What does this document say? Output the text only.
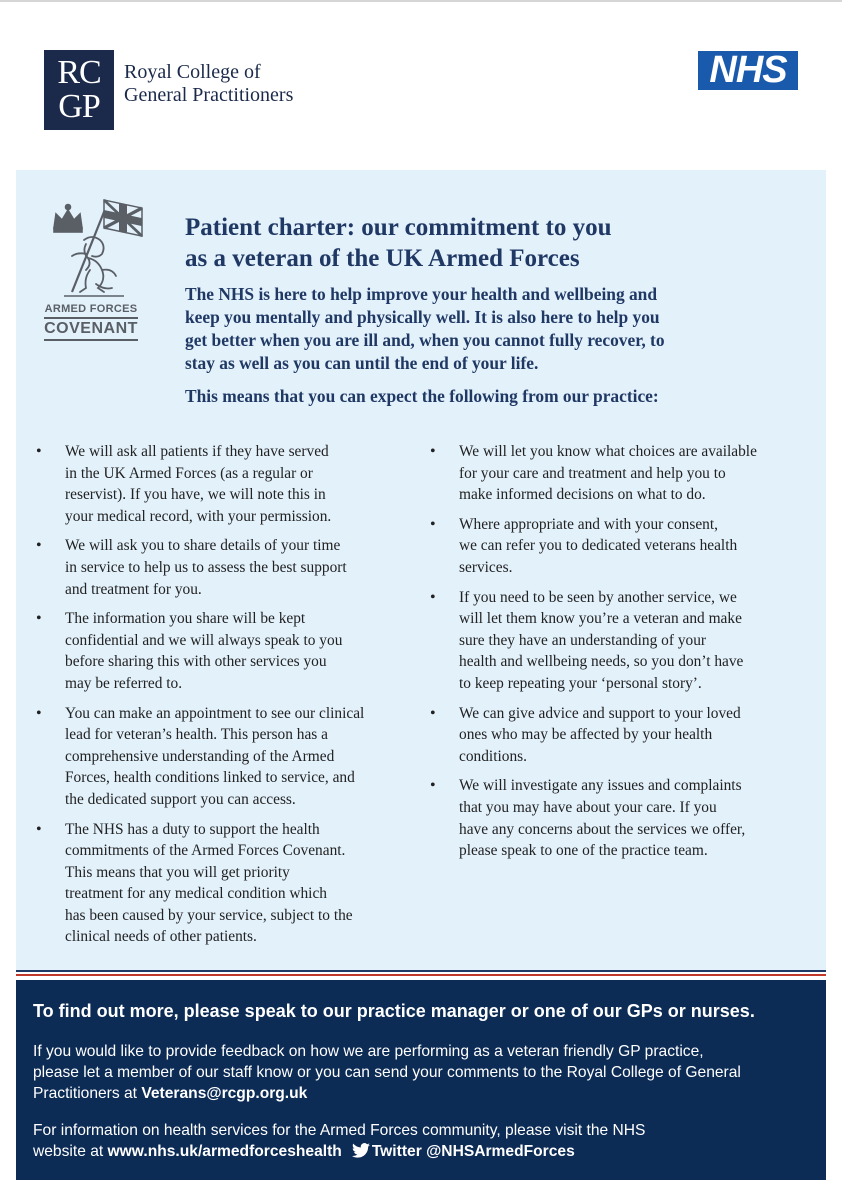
RC
GP
Royal College of
General Practitioners
NHS
ARMED FORCES
COVENANT
Patient charter: our commitment to you
as a veteran of the UK Armed Forces
The NHS is here to help improve your health and wellbeing and
keep you mentally and physically well. It is also here to help you
get better when you are ill and, when you cannot fully recover, to
stay as well as you can until the end of your life.
This means that you can expect the following from our practice:
• We will ask all patients if they have served
in the UK Armed Forces (as a regular or
reservist). If you have, we will note this in
your medical record, with your permission.
• We will ask you to share details of your time
in service to help us to assess the best support
and treatment for you.
• The information you share will be kept
confidential and we will always speak to you
before sharing this with other services you
may be referred to.
• You can make an appointment to see our clinical
lead for veteran’s health. This person has a
comprehensive understanding of the Armed
Forces, health conditions linked to service, and
the dedicated support you can access.
• The NHS has a duty to support the health
commitments of the Armed Forces Covenant.
This means that you will get priority
treatment for any medical condition which
has been caused by your service, subject to the
clinical needs of other patients.
• We will let you know what choices are available
for your care and treatment and help you to
make informed decisions on what to do.
• Where appropriate and with your consent,
we can refer you to dedicated veterans health
services.
• If you need to be seen by another service, we
will let them know you’re a veteran and make
sure they have an understanding of your
health and wellbeing needs, so you don’t have
to keep repeating your ‘personal story’.
• We can give advice and support to your loved
ones who may be affected by your health
conditions.
• We will investigate any issues and complaints
that you may have about your care. If you
have any concerns about the services we offer,
please speak to one of the practice team.
To find out more, please speak to our practice manager or one of our GPs or nurses.
If you would like to provide feedback on how we are performing as a veteran friendly GP practice,
please let a member of our staff know or you can send your comments to the Royal College of General
Practitioners at Veterans@rcgp.org.uk
For information on health services for the Armed Forces community, please visit the NHS
website at www.nhs.uk/armedforceshealth Twitter @NHSArmedForces
